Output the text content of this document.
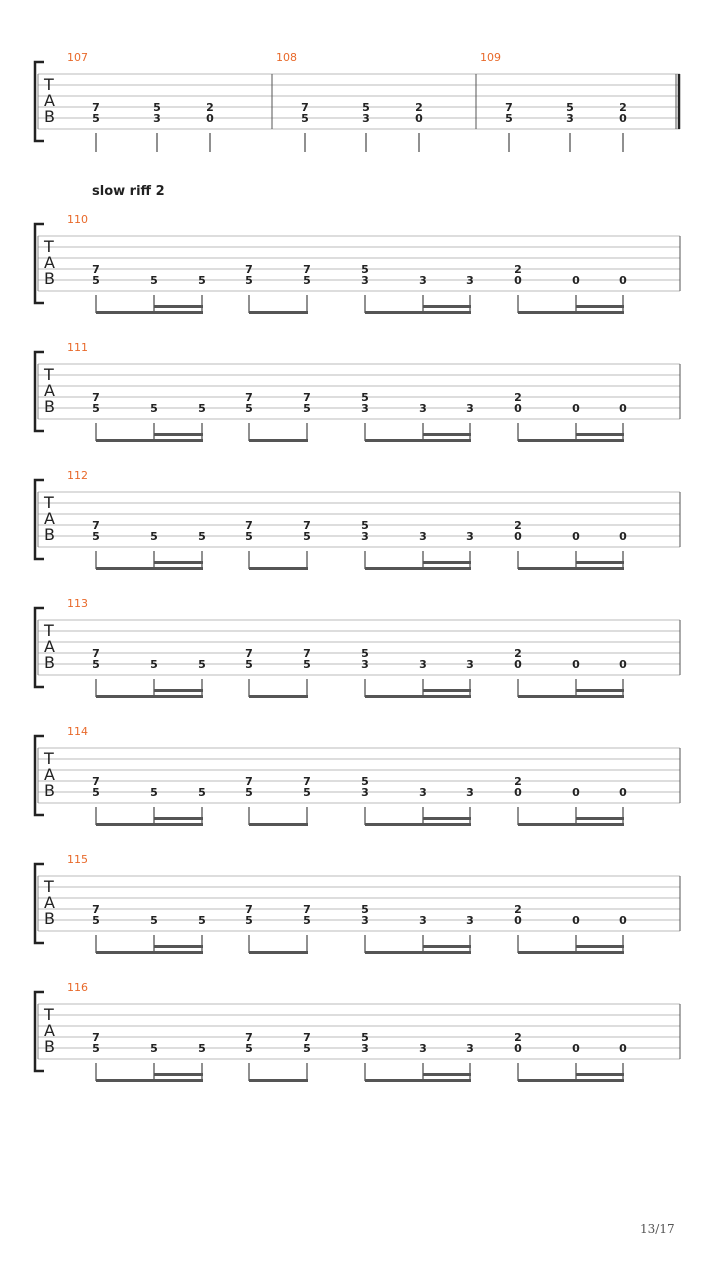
T
A
B
107
7
5
5
3
2
0
108
7
5
5
3
2
0
109
7
5
5
3
2
0
T
A
B
110
7
5	5	5
7
5
7
5
5
3	3	3
2
0	0	0
T
A
B
111
7
5	5	5
7
5
7
5
5
3	3	3
2
0	0	0
T
A
B
112
7
5	5	5
7
5
7
5
5
3	3	3
2
0	0	0
T
A
B
113
7
5	5	5
7
5
7
5
5
3	3	3
2
0	0	0
T
A
B
114
7
5	5	5
7
5
7
5
5
3	3	3
2
0	0	0
T
A
B
115
7
5	5	5
7
5
7
5
5
3	3	3
2
0	0	0
T
A
B
116
7
5	5	5
7
5
7
5
5
3	3	3
2
0	0	0
slow riff 2
13/17
